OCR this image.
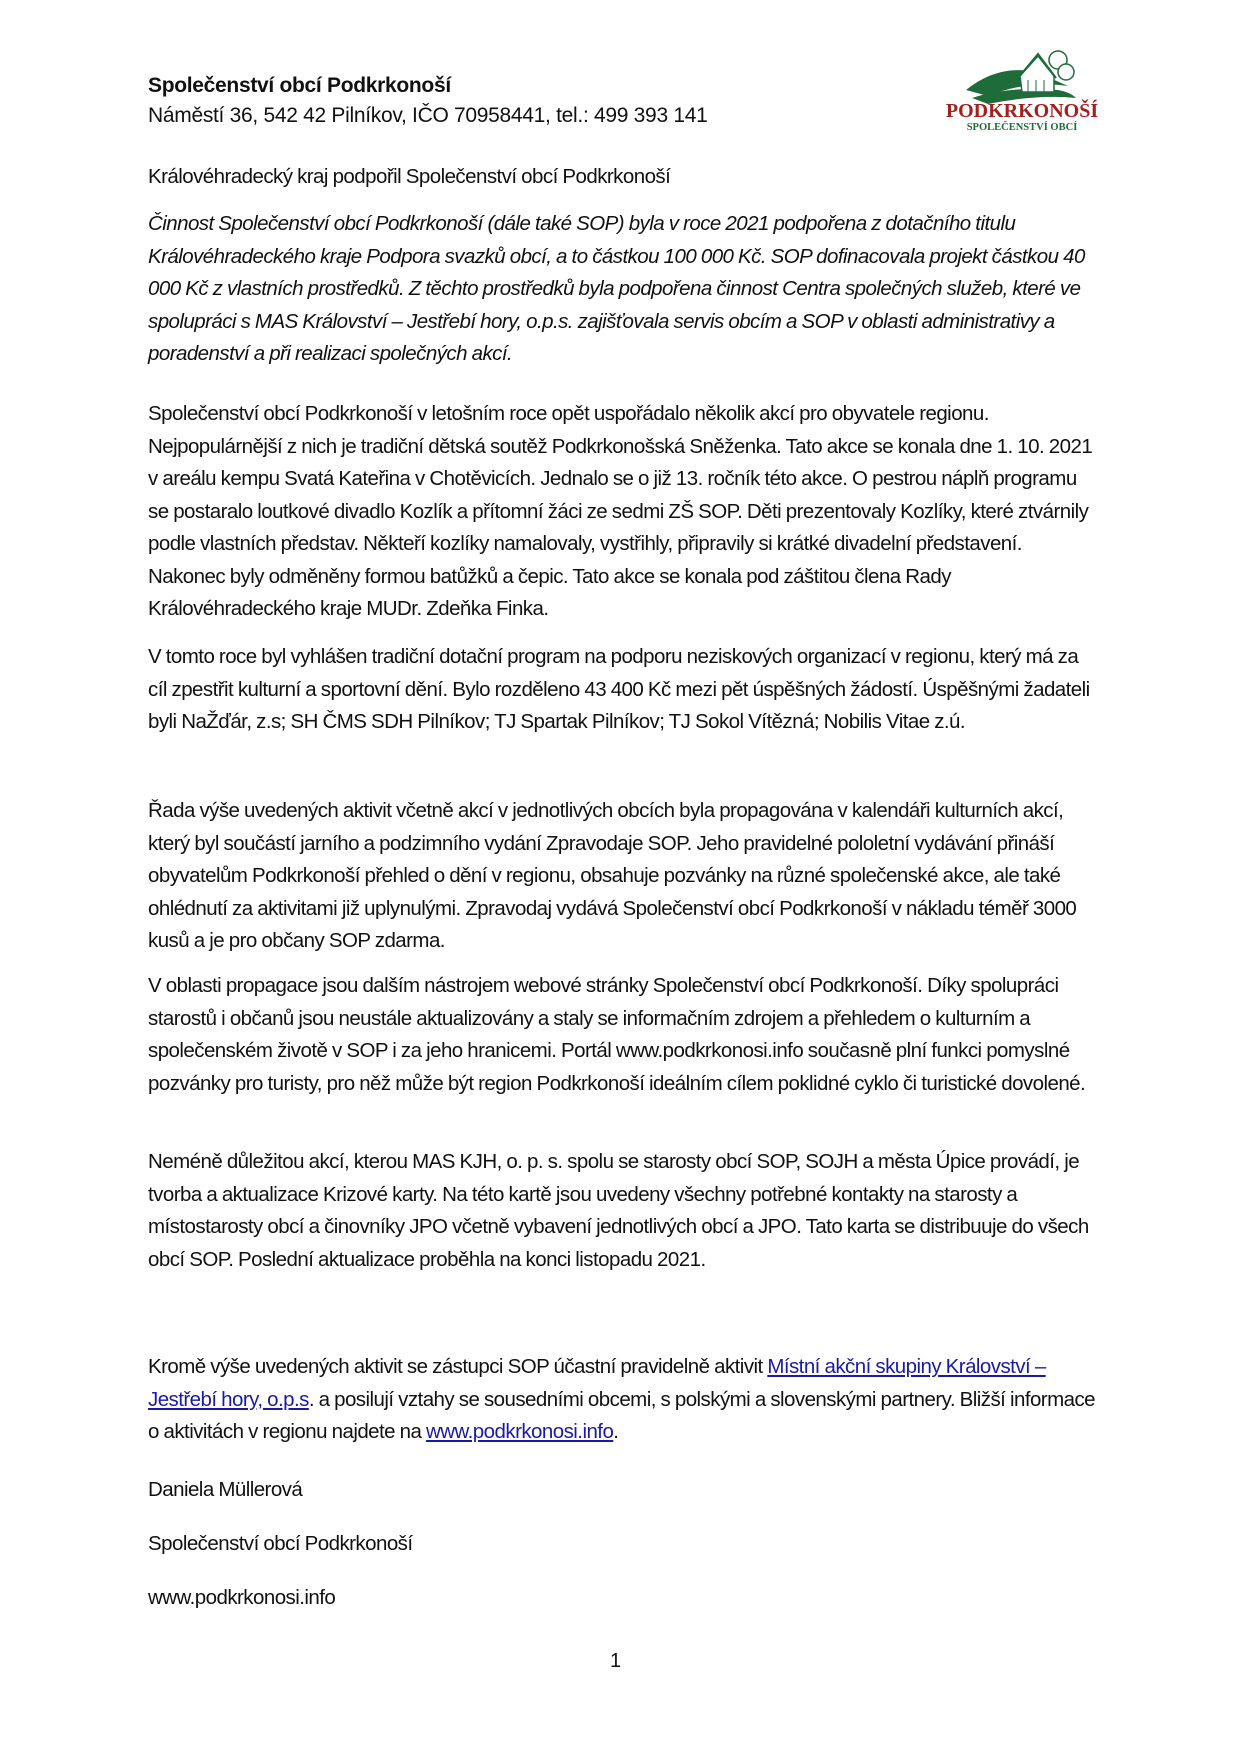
Společenství obcí Podkrkonoší
Náměstí 36, 542 42 Pilníkov, IČO 70958441, tel.: 499 393 141	PODKRKONOŠÍ
SPOLEČENSTVÍ OBCÍ
Královéhradecký kraj podpořil Společenství obcí Podkrkonoší
Činnost Společenství obcí Podkrkonoší (dále také SOP) byla v roce 2021 podpořena z dotačního titulu Královéhradeckého kraje Podpora svazků obcí, a to částkou 100 000 Kč. SOP dofinacovala projekt částkou 40 000 Kč z vlastních prostředků. Z těchto prostředků byla podpořena činnost Centra společných služeb, které ve spolupráci s MAS Království – Jestřebí hory, o.p.s. zajišťovala servis obcím a SOP v oblasti administrativy a poradenství a při realizaci společných akcí.
Společenství obcí Podkrkonoší v letošním roce opět uspořádalo několik akcí pro obyvatele regionu. Nejpopulárnější z nich je tradiční dětská soutěž Podkrkonošská Sněženka. Tato akce se konala dne 1. 10. 2021 v areálu kempu Svatá Kateřina v Chotěvicích. Jednalo se o již 13. ročník této akce. O pestrou náplň programu se postaralo loutkové divadlo Kozlík a přítomní žáci ze sedmi ZŠ SOP. Děti prezentovaly Kozlíky, které ztvárnily podle vlastních představ. Někteří kozlíky namalovaly, vystřihly, připravily si krátké divadelní představení. Nakonec byly odměněny formou batůžků a čepic. Tato akce se konala pod záštitou člena Rady Královéhradeckého kraje MUDr. Zdeňka Finka.
V tomto roce byl vyhlášen tradiční dotační program na podporu neziskových organizací v regionu, který má za cíl zpestřit kulturní a sportovní dění. Bylo rozděleno 43 400 Kč mezi pět úspěšných žádostí. Úspěšnými žadateli byli NaŽďár, z.s; SH ČMS SDH Pilníkov; TJ Spartak Pilníkov; TJ Sokol Vítězná; Nobilis Vitae z.ú.
Řada výše uvedených aktivit včetně akcí v jednotlivých obcích byla propagována v kalendáři kulturních akcí, který byl součástí jarního a podzimního vydání Zpravodaje SOP. Jeho pravidelné pololetní vydávání přináší obyvatelům Podkrkonoší přehled o dění v regionu, obsahuje pozvánky na různé společenské akce, ale také ohlédnutí za aktivitami již uplynulými. Zpravodaj vydává Společenství obcí Podkrkonoší v nákladu téměř 3000 kusů a je pro občany SOP zdarma.
V oblasti propagace jsou dalším nástrojem webové stránky Společenství obcí Podkrkonoší. Díky spolupráci starostů i občanů jsou neustále aktualizovány a staly se informačním zdrojem a přehledem o kulturním a společenském životě v SOP i za jeho hranicemi. Portál www.podkrkonosi.info současně plní funkci pomyslné pozvánky pro turisty, pro něž může být region Podkrkonoší ideálním cílem poklidné cyklo či turistické dovolené.
Neméně důležitou akcí, kterou MAS KJH, o. p. s. spolu se starosty obcí SOP, SOJH a města Úpice provádí, je tvorba a aktualizace Krizové karty. Na této kartě jsou uvedeny všechny potřebné kontakty na starosty a místostarosty obcí a činovníky JPO včetně vybavení jednotlivých obcí a JPO. Tato karta se distribuuje do všech obcí SOP. Poslední aktualizace proběhla na konci listopadu 2021.
Kromě výše uvedených aktivit se zástupci SOP účastní pravidelně aktivit Místní akční skupiny Království – Jestřebí hory, o.p.s. a posilují vztahy se sousedními obcemi, s polskými a slovenskými partnery. Bližší informace o aktivitách v regionu najdete na www.podkrkonosi.info.
Daniela Müllerová
Společenství obcí Podkrkonoší
www.podkrkonosi.info
1
